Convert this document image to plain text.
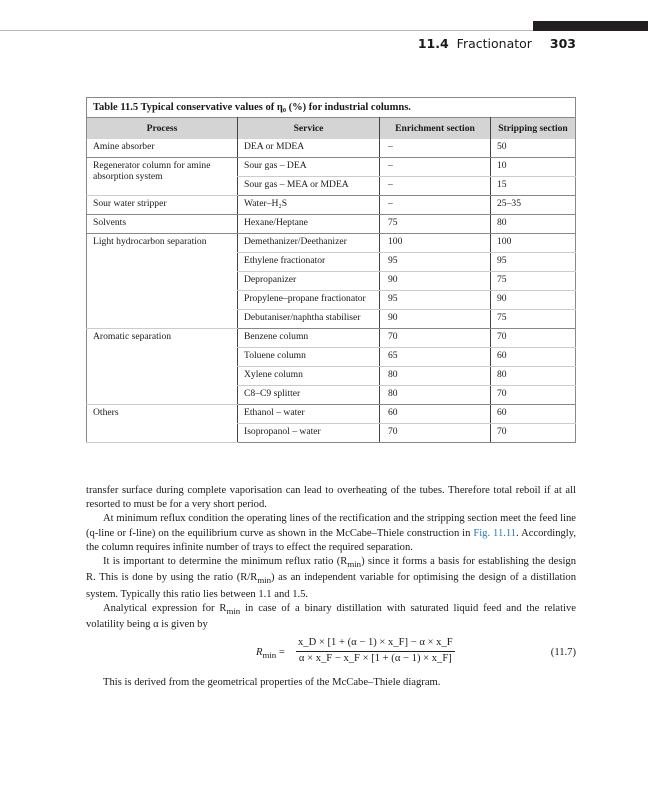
11.4 Fractionator 303
Table 11.5 Typical conservative values of η₀ (%) for industrial columns.
Process	Service	Enrichment section	Stripping section
Amine absorber	DEA or MDEA	–	50
Regenerator column for amine absorption system	Sour gas – DEA	–	10
	Sour gas – MEA or MDEA	–	15
Sour water stripper	Water–H₂S	–	25–35
Solvents	Hexane/Heptane	75	80
Light hydrocarbon separation	Demethanizer/Deethanizer	100	100
	Ethylene fractionator	95	95
	Depropanizer	90	75
	Propylene–propane fractionator	95	90
	Debutaniser/naphtha stabiliser	90	75
Aromatic separation	Benzene column	70	70
	Toluene column	65	60
	Xylene column	80	80
	C8–C9 splitter	80	70
Others	Ethanol – water	60	60
	Isopropanol – water	70	70

transfer surface during complete vaporisation can lead to overheating of the tubes. Therefore total reboil if at all resorted to must be for a very short period.

At minimum reflux condition the operating lines of the rectification and the stripping section meet the feed line (q-line or f-line) on the equilibrium curve as shown in the McCabe–Thiele construction in Fig. 11.11. Accordingly, the column requires infinite number of trays to effect the required separation.

It is important to determine the minimum reflux ratio $(R_{min})$ since it forms a basis for establishing the design R. This is done by using the ratio $(R/R_{min})$ as an independent variable for optimising the design of a distillation system. Typically this ratio lies between 1.1 and 1.5.

Analytical expression for $R_{min}$ in case of a binary distillation with saturated liquid feed and the relative volatility being α is given by

$R_{min} = \frac{x\_D \times [1 + (\alpha - 1) \times x\_F] - \alpha \times x\_F}{\alpha \times x\_F - x\_F \times [1 + (\alpha - 1) \times x\_F]}$	(11.7)

This is derived from the geometrical properties of the McCabe–Thiele diagram.
